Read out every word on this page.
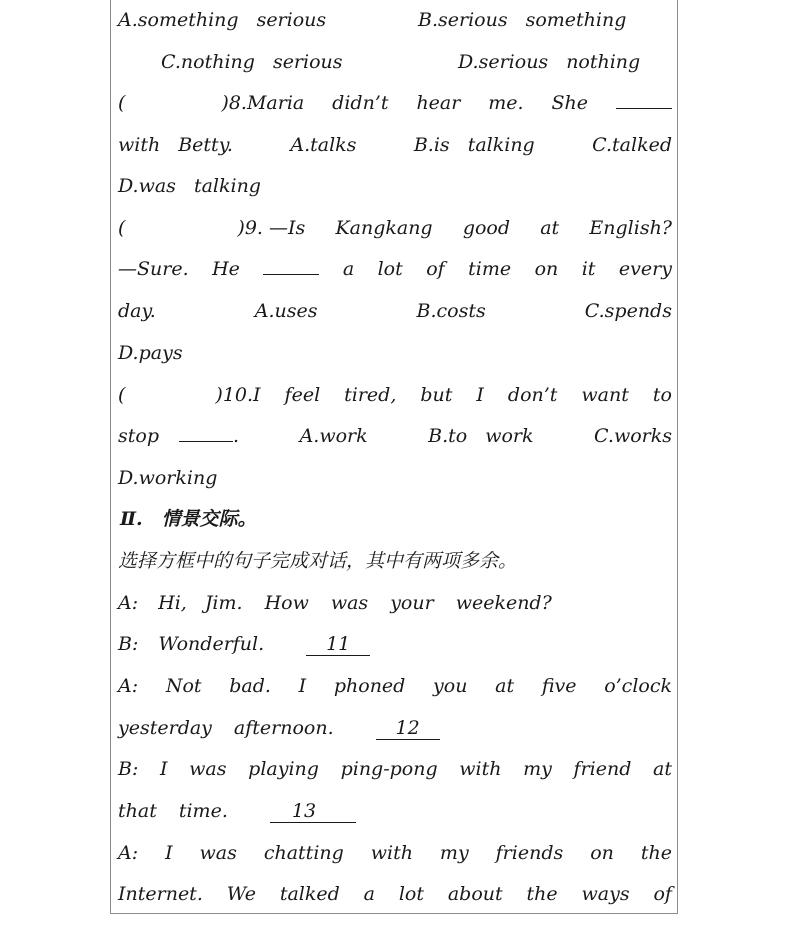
A.something serious	B.serious something
C.nothing serious	D.serious nothing
(	)8.Maria didn’t hear me. She
with Betty.	A.talks	B.is talking	C.talked
D.was talking
(	)9. —Is Kangkang good at English?
—Sure. He	a lot of time on it every
day.	A.uses	B.costs	C.spends
D.pays
(	)10.I feel tired, but I don’t want to
stop	.	A.work	B.to work	C.works
D.working
Ⅱ.　情景交际。
选择方框中的句子完成对话，其中有两项多余。
A: Hi, Jim. How was your weekend?
B: Wonderful.	11
A: Not bad. I phoned you at five o’clock
yesterday afternoon.	12
B: I was playing ping-pong with my friend at
that time.	13
A: I was chatting with my friends on the
Internet. We talked a lot about the ways of
